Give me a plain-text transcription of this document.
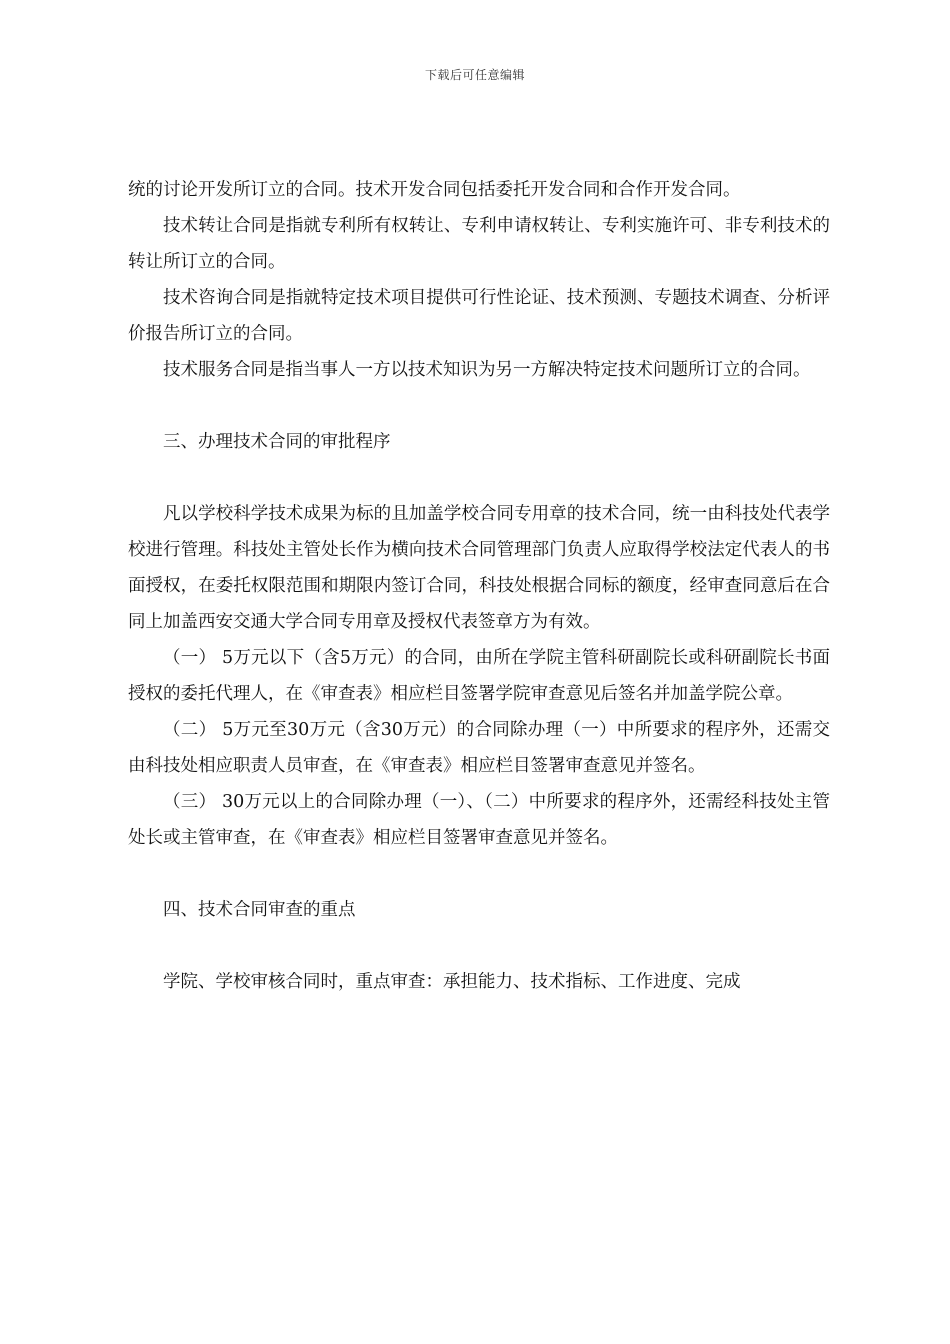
下载后可任意编辑

统的讨论开发所订立的合同。技术开发合同包括委托开发合同和合作开发合同。

技术转让合同是指就专利所有权转让、专利申请权转让、专利实施许可、非专利技术的转让所订立的合同。

技术咨询合同是指就特定技术项目提供可行性论证、技术预测、专题技术调查、分析评价报告所订立的合同。

技术服务合同是指当事人一方以技术知识为另一方解决特定技术问题所订立的合同。

三、办理技术合同的审批程序

凡以学校科学技术成果为标的且加盖学校合同专用章的技术合同，统一由科技处代表学校进行管理。科技处主管处长作为横向技术合同管理部门负责人应取得学校法定代表人的书面授权，在委托权限范围和期限内签订合同，科技处根据合同标的额度，经审查同意后在合同上加盖西安交通大学合同专用章及授权代表签章方为有效。

（一） 5万元以下（含5万元）的合同，由所在学院主管科研副院长或科研副院长书面授权的委托代理人，在《审查表》相应栏目签署学院审查意见后签名并加盖学院公章。

（二） 5万元至30万元（含30万元）的合同除办理（一）中所要求的程序外，还需交由科技处相应职责人员审查，在《审查表》相应栏目签署审查意见并签名。

（三） 30万元以上的合同除办理（一）、（二）中所要求的程序外，还需经科技处主管处长或主管审查，在《审查表》相应栏目签署审查意见并签名。

四、技术合同审查的重点

学院、学校审核合同时，重点审查：承担能力、技术指标、工作进度、完成
